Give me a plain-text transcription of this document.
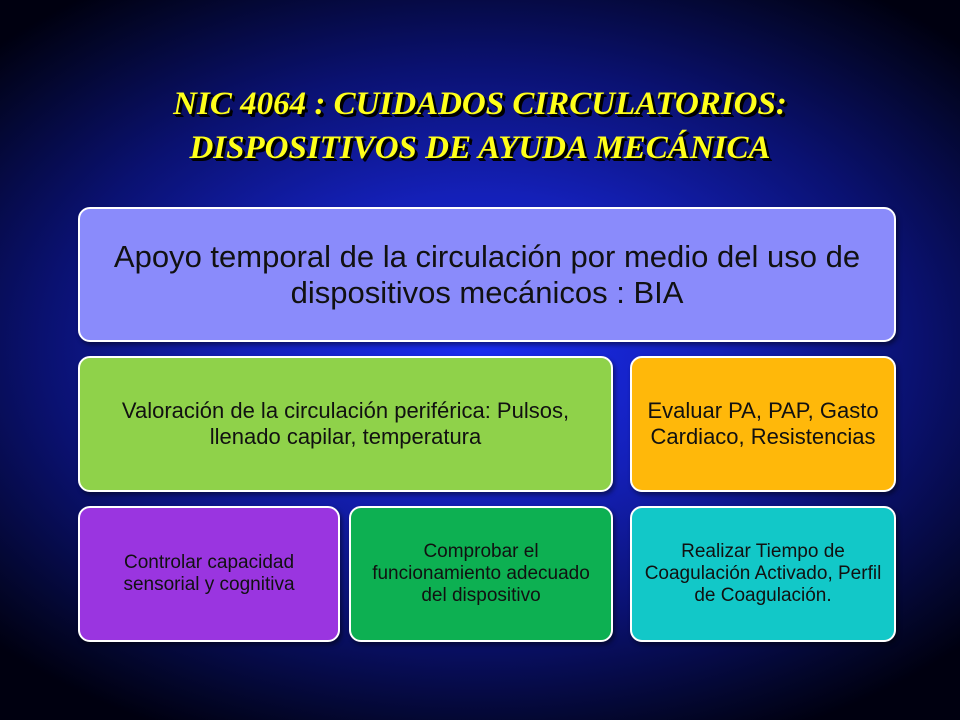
NIC 4064 : CUIDADOS CIRCULATORIOS:
DISPOSITIVOS DE AYUDA MECÁNICA
Apoyo temporal de la circulación por medio del uso de dispositivos mecánicos : BIA
Valoración de la circulación periférica: Pulsos, llenado capilar, temperatura
Evaluar PA, PAP, Gasto Cardiaco, Resistencias
Controlar capacidad sensorial y cognitiva
Comprobar el funcionamiento adecuado del dispositivo
Realizar Tiempo de Coagulación Activado, Perfil de Coagulación.
